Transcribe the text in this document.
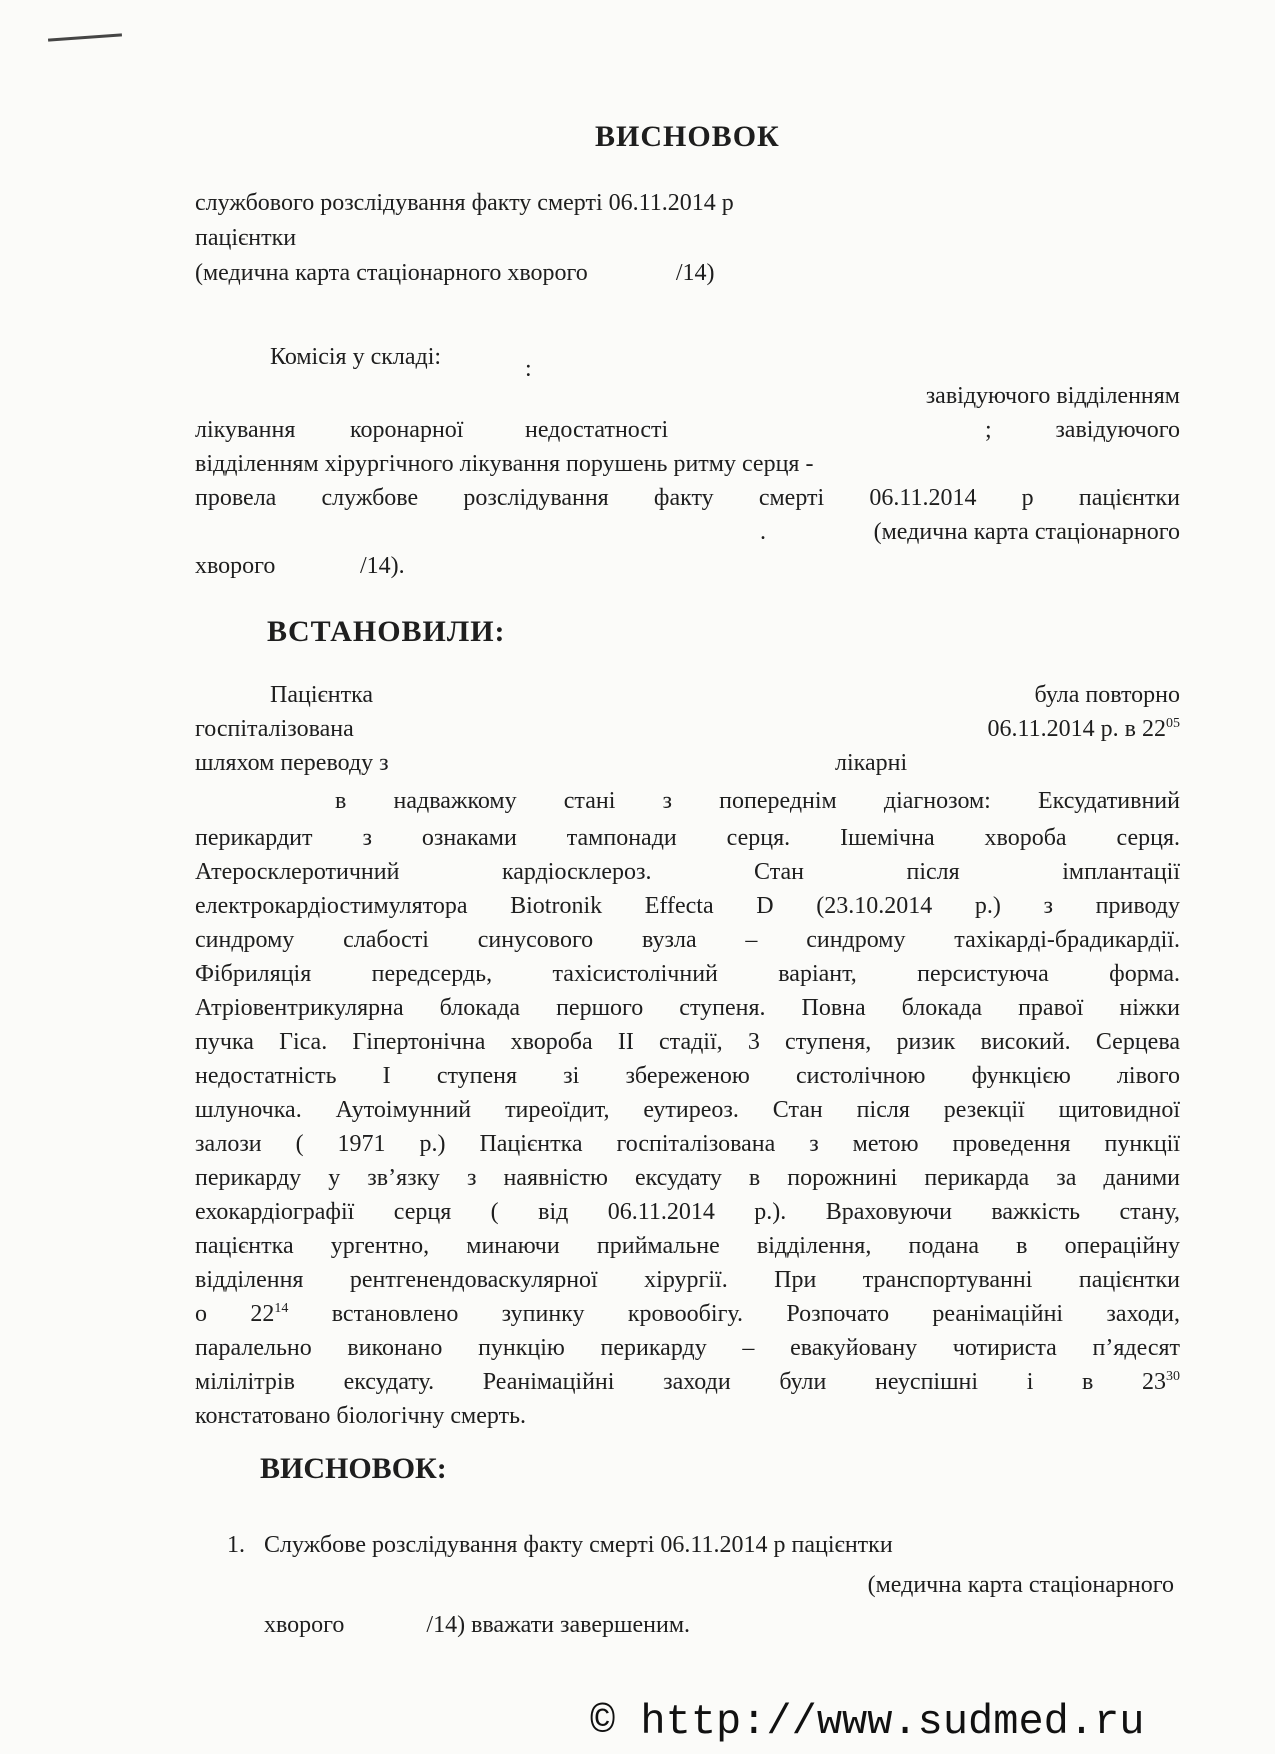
ВИСНОВОК
службового розслідування факту смерті 06.11.2014 р
пацієнтки
(медична карта стаціонарного хворого	/14)
Комісія у складі:	:
завідуючого відділенням
лікування коронарної	недостатності	;	завідуючого
відділенням хірургічного лікування порушень ритму серця -
провела службове розслідування факту смерті 06.11.2014 р пацієнтки
.	(медична карта стаціонарного
хворого	/14).
ВСТАНОВИЛИ:
Пацієнтка	була повторно
госпіталізована	06.11.2014 р. в $22^{05}$
шляхом переводу з	лікарні
в надважкому стані з попереднім діагнозом: Ексудативний
перикардит з ознаками тампонади серця. Ішемічна хвороба серця.
Атеросклеротичний кардіосклероз. Стан після імплантації
електрокардіостимулятора Biotronik Effecta D (23.10.2014 р.) з приводу
синдрому слабості синусового вузла – синдрому тахікарді-брадикардії.
Фібриляція передсердь, тахісистолічний варіант, персистуюча форма.
Атріовентрикулярна блокада першого ступеня. Повна блокада правої ніжки
пучка Гіса. Гіпертонічна хвороба II стадії, 3 ступеня, ризик високий. Серцева
недостатність I ступеня зі збереженою систолічною функцією лівого
шлуночка. Аутоімунний тиреоїдит, еутиреоз. Стан після резекції щитовидної
залози ( 1971 р.) Пацієнтка госпіталізована з метою проведення пункції
перикарду у зв’язку з наявністю ексудату в порожнині перикарда за даними
ехокардіографії серця ( від 06.11.2014 р.). Враховуючи важкість стану,
пацієнтка ургентно, минаючи приймальне відділення, подана в операційну
відділення рентгенендоваскулярної хірургії. При транспортуванні пацієнтки
о $22^{14}$ встановлено зупинку кровообігу. Розпочато реанімаційні заходи,
паралельно виконано пункцію перикарду – евакуйовану чотириста п’ядесят
мілілітрів ексудату. Реанімаційні заходи були неуспішні і в $23^{30}$
констатовано біологічну смерть.
ВИСНОВОК:
1. Службове розслідування факту смерті 06.11.2014 р пацієнтки
(медична карта стаціонарного
хворого	/14) вважати завершеним.
© http://www.sudmed.ru
